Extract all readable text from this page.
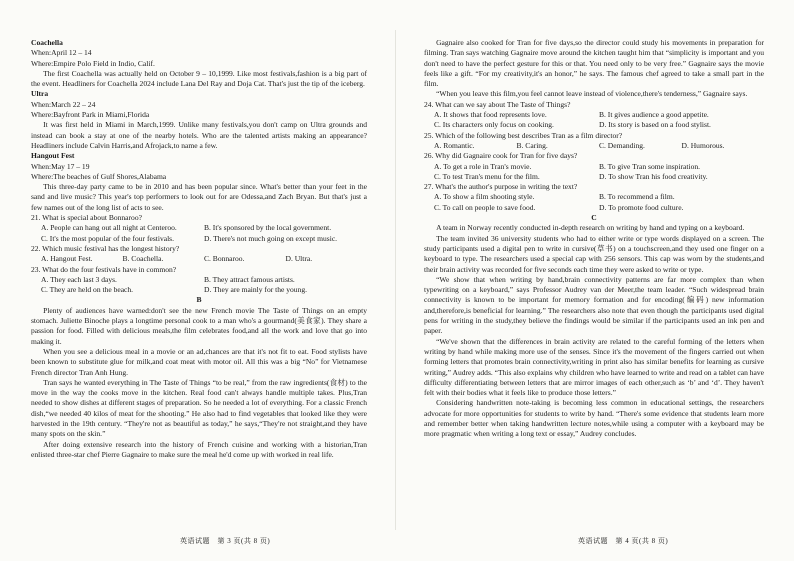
Coachella
When:April 12 – 14
Where:Empire Polo Field in Indio, Calif.
The first Coachella was actually held on October 9 – 10,1999. Like most festivals,fashion is a big part of the event. Headliners for Coachella 2024 include Lana Del Ray and Doja Cat. That's just the tip of the iceberg.
Ultra
When:March 22 – 24
Where:Bayfront Park in Miami,Florida
It was first held in Miami in March,1999. Unlike many festivals,you don't camp on Ultra grounds and instead can book a stay at one of the nearby hotels. Who are the talented artists making an appearance? Headliners include Calvin Harris,and Afrojack,to name a few.
Hangout Fest
When:May 17 – 19
Where:The beaches of Gulf Shores,Alabama
This three-day party came to be in 2010 and has been popular since. What's better than your feet in the sand and live music? This year's top performers to look out for are Odessa,and Zach Bryan. But that's just a few names out of the long list of acts to see.
21. What is special about Bonnaroo?
A. People can hang out all night at Centeroo.	B. It's sponsored by the local government.
C. It's the most popular of the four festivals.	D. There's not much going on except music.
22. Which music festival has the longest history?
A. Hangout Fest.	B. Coachella.	C. Bonnaroo.	D. Ultra.
23. What do the four festivals have in common?
A. They each last 3 days.	B. They attract famous artists.
C. They are held on the beach.	D. They are mainly for the young.
B
Plenty of audiences have warned:don't see the new French movie The Taste of Things on an empty stomach. Juliette Binoche plays a longtime personal cook to a man who's a gourmand(美食家). They share a passion for food. Filled with delicious meals,the film celebrates food,and all the work and love that go into making it.
When you see a delicious meal in a movie or an ad,chances are that it's not fit to eat. Food stylists have been known to substitute glue for milk,and coat meat with motor oil. All this was a big “No” for Vietnamese French director Tran Anh Hung.
Tran says he wanted everything in The Taste of Things “to be real,” from the raw ingredients(食材) to the move in the way the cooks move in the kitchen. Real food can't always handle multiple takes. Plus,Tran needed to show dishes at different stages of preparation. So he needed a lot of everything. For a classic French dish,“we needed 40 kilos of meat for the shooting.” He also had to find vegetables that looked like they were harvested in the 19th century. “They're not as beautiful as today,” he says,“They're not straight,and they have many spots on the skin.”
After doing extensive research into the history of French cuisine and working with a historian,Tran enlisted three-star chef Pierre Gagnaire to make sure the meal he'd come up with worked in real life.
Gagnaire also cooked for Tran for five days,so the director could study his movements in preparation for filming. Tran says watching Gagnaire move around the kitchen taught him that “simplicity is important and you don't need to have the perfect gesture for this or that. You need only to be very free.” Gagnaire says the movie feels like a gift. “For my creativity,it's an honor,” he says. The famous chef agreed to take a small part in the film.
“When you leave this film,you feel cannot leave instead of violence,there's tenderness,” Gagnaire says.
24. What can we say about The Taste of Things?
A. It shows that food represents love.	B. It gives audience a good appetite.
C. Its characters only focus on cooking.	D. Its story is based on a food stylist.
25. Which of the following best describes Tran as a film director?
A. Romantic.	B. Caring.	C. Demanding.	D. Humorous.
26. Why did Gagnaire cook for Tran for five days?
A. To get a role in Tran's movie.	B. To give Tran some inspiration.
C. To test Tran's menu for the film.	D. To show Tran his food creativity.
27. What's the author's purpose in writing the text?
A. To show a film shooting style.	B. To recommend a film.
C. To call on people to save food.	D. To promote food culture.
C
A team in Norway recently conducted in-depth research on writing by hand and typing on a keyboard.
The team invited 36 university students who had to either write or type words displayed on a screen. The study participants used a digital pen to write in cursive(草书) on a touchscreen,and they used one finger on a keyboard to type. The researchers used a special cap with 256 sensors. This cap was worn by the students,and their brain activity was recorded for five seconds each time they were asked to write or type.
“We show that when writing by hand,brain connectivity patterns are far more complex than when typewriting on a keyboard,” says Professor Audrey van der Meer,the team leader. “Such widespread brain connectivity is known to be important for memory formation and for encoding(编码) new information and,therefore,is beneficial for learning.” The researchers also note that even though the participants used digital pens for writing in the study,they believe the findings would be similar if the participants used an ink pen and paper.
“We've shown that the differences in brain activity are related to the careful forming of the letters when writing by hand while making more use of the senses. Since it's the movement of the fingers carried out when forming letters that promotes brain connectivity,writing in print also has similar benefits for learning as cursive writing,” Audrey adds. “This also explains why children who have learned to write and read on a tablet can have difficulty differentiating between letters that are mirror images of each other,such as ‘b’ and ‘d’. They haven't felt with their bodies what it feels like to produce those letters.”
Considering handwritten note-taking is becoming less common in educational settings, the researchers advocate for more opportunities for students to write by hand. “There's some evidence that students learn more and remember better when taking handwritten lecture notes,while using a computer with a keyboard may be more pragmatic when writing a long text or essay,” Audrey concludes.
英语试题　第 3 页(共 8 页)	英语试题　第 4 页(共 8 页)
